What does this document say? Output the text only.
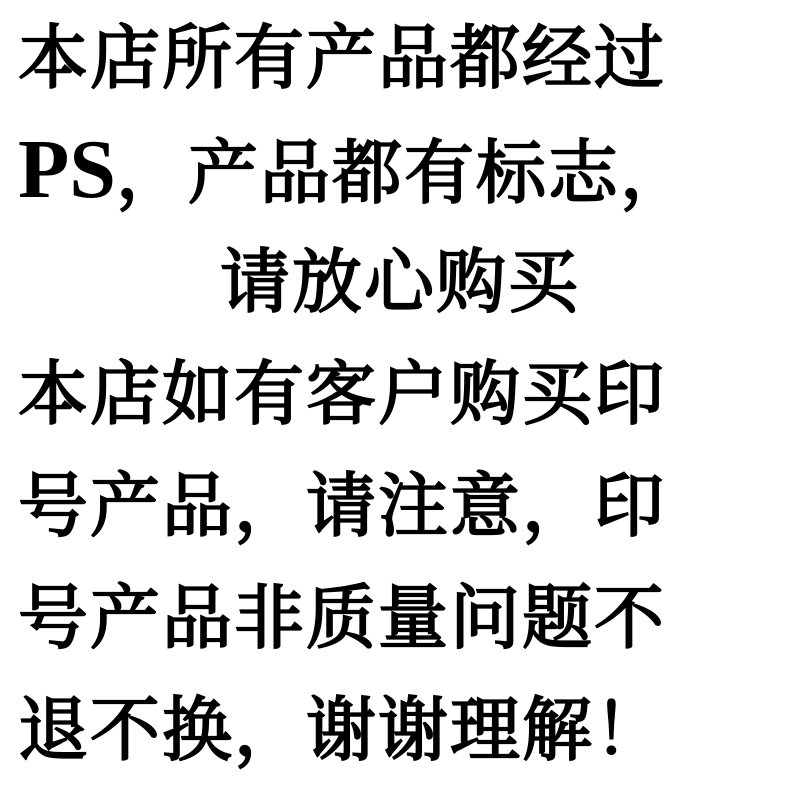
本店所有产品都经过
PS，产品都有标志，
请放心购买
本店如有客户购买印
号产品，请注意，印
号产品非质量问题不
退不换，谢谢理解！
